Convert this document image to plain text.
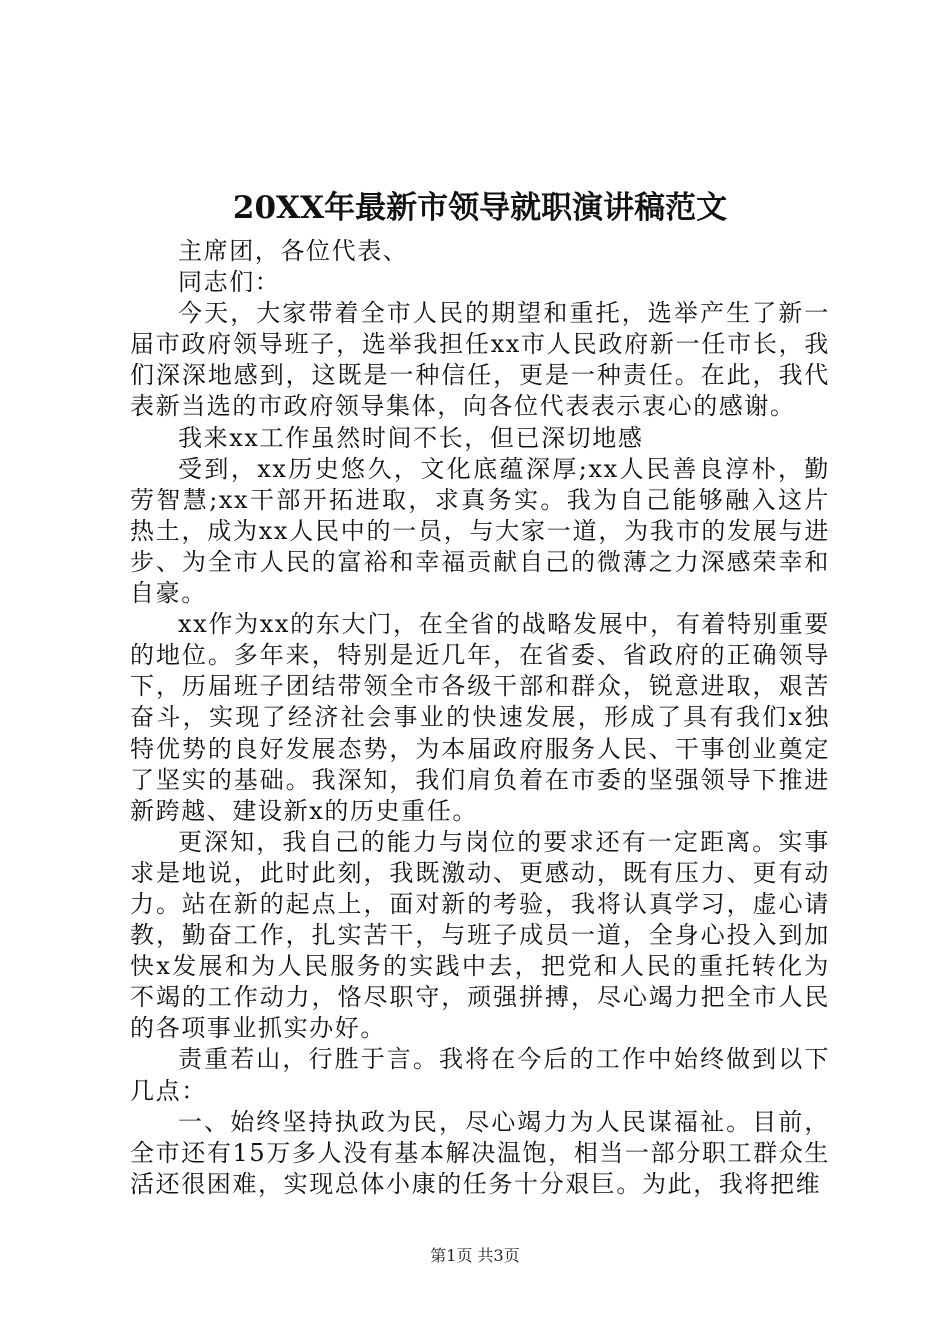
20XX年最新市领导就职演讲稿范文

主席团，各位代表、

同志们：

今天，大家带着全市人民的期望和重托，选举产生了新一届市政府领导班子，选举我担任xx市人民政府新一任市长，我们深深地感到，这既是一种信任，更是一种责任。在此，我代表新当选的市政府领导集体，向各位代表表示衷心的感谢。

我来xx工作虽然时间不长，但已深切地感

受到，xx历史悠久，文化底蕴深厚;xx人民善良淳朴，勤劳智慧;xx干部开拓进取，求真务实。我为自己能够融入这片热土，成为xx人民中的一员，与大家一道，为我市的发展与进步、为全市人民的富裕和幸福贡献自己的微薄之力深感荣幸和自豪。

xx作为xx的东大门，在全省的战略发展中，有着特别重要的地位。多年来，特别是近几年，在省委、省政府的正确领导下，历届班子团结带领全市各级干部和群众，锐意进取，艰苦奋斗，实现了经济社会事业的快速发展，形成了具有我们x独特优势的良好发展态势，为本届政府服务人民、干事创业奠定了坚实的基础。我深知，我们肩负着在市委的坚强领导下推进新跨越、建设新x的历史重任。

更深知，我自己的能力与岗位的要求还有一定距离。实事求是地说，此时此刻，我既激动、更感动，既有压力、更有动力。站在新的起点上，面对新的考验，我将认真学习，虚心请教，勤奋工作，扎实苦干，与班子成员一道，全身心投入到加快x发展和为人民服务的实践中去，把党和人民的重托转化为不竭的工作动力，恪尽职守，顽强拼搏，尽心竭力把全市人民的各项事业抓实办好。

责重若山，行胜于言。我将在今后的工作中始终做到以下几点：

一、始终坚持执政为民，尽心竭力为人民谋福祉。目前，全市还有15万多人没有基本解决温饱，相当一部分职工群众生活还很困难，实现总体小康的任务十分艰巨。为此，我将把维

第1页 共3页
